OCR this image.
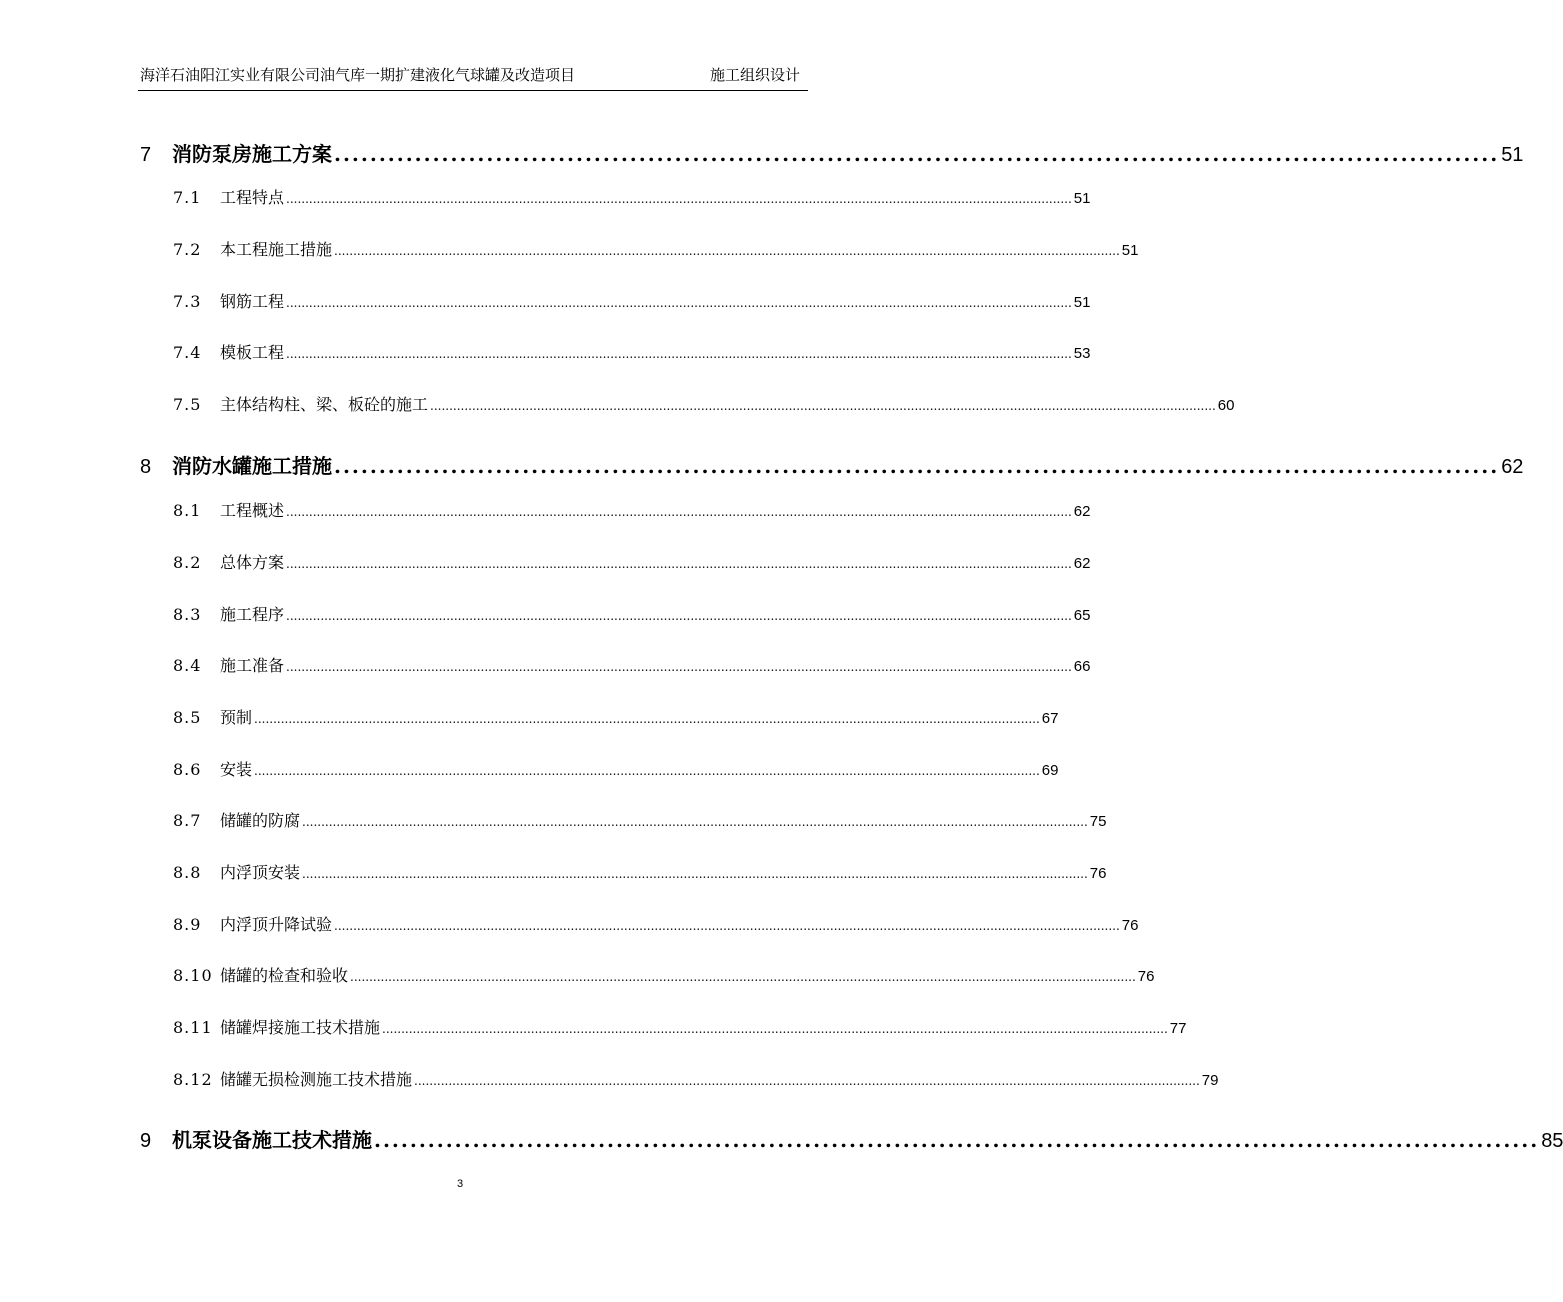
海洋石油阳江实业有限公司油气库一期扩建液化气球罐及改造项目	施工组织设计
7	消防泵房施工方案 .................................................................................................................................. 51
7.1	工程特点 .............................................................................................................................................................................................................. 51
7.2	本工程施工措施 .............................................................................................................................................................................................................. 51
7.3	钢筋工程 .............................................................................................................................................................................................................. 51
7.4	模板工程 .............................................................................................................................................................................................................. 53
7.5	主体结构柱、梁、板砼的施工 .............................................................................................................................................................................................................. 60
8	消防水罐施工措施 .................................................................................................................................. 62
8.1	工程概述 .............................................................................................................................................................................................................. 62
8.2	总体方案 .............................................................................................................................................................................................................. 62
8.3	施工程序 .............................................................................................................................................................................................................. 65
8.4	施工准备 .............................................................................................................................................................................................................. 66
8.5	预制 .............................................................................................................................................................................................................. 67
8.6	安装 .............................................................................................................................................................................................................. 69
8.7	储罐的防腐 .............................................................................................................................................................................................................. 75
8.8	内浮顶安装 .............................................................................................................................................................................................................. 76
8.9	内浮顶升降试验 .............................................................................................................................................................................................................. 76
8.10 储罐的检查和验收 .............................................................................................................................................................................................................. 76
8.11 储罐焊接施工技术措施 .............................................................................................................................................................................................................. 77
8.12 储罐无损检测施工技术措施 .............................................................................................................................................................................................................. 79
9	机泵设备施工技术措施 .................................................................................................................................. 85
3
